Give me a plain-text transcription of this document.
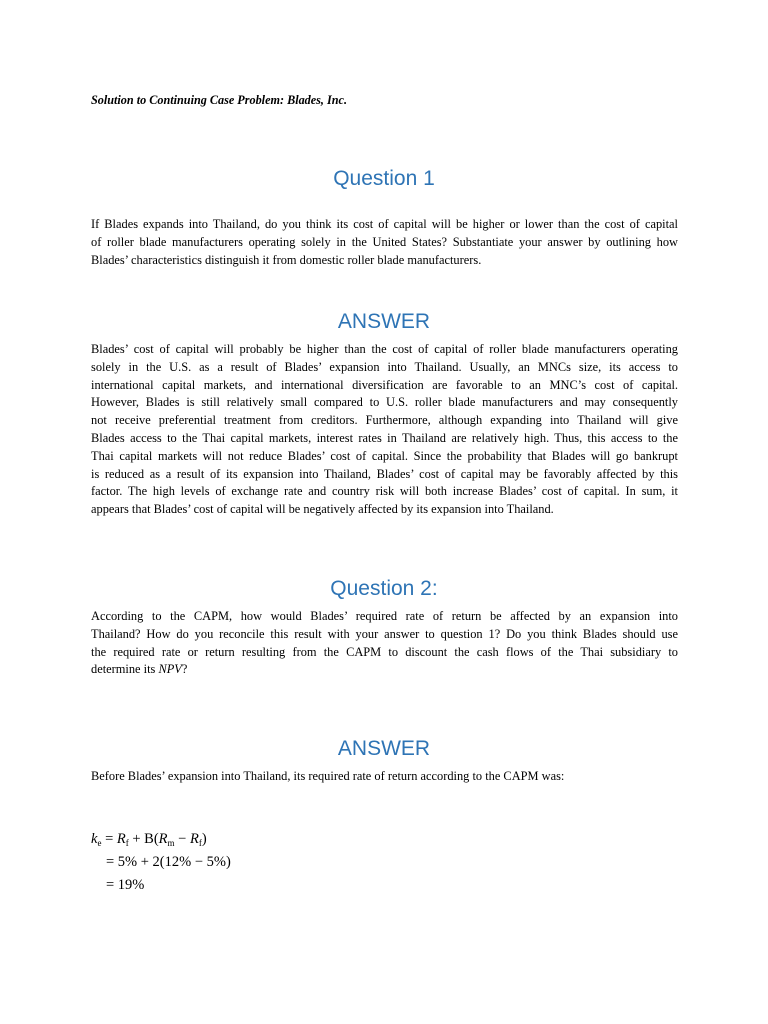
Solution to Continuing Case Problem: Blades, Inc.
Question 1
If Blades expands into Thailand, do you think its cost of capital will be higher or lower than the cost of capital
of roller blade manufacturers operating solely in the United States? Substantiate your answer by outlining how
Blades’ characteristics distinguish it from domestic roller blade manufacturers.
ANSWER
Blades’ cost of capital will probably be higher than the cost of capital of roller blade manufacturers operating
solely in the U.S. as a result of Blades’ expansion into Thailand. Usually, an MNCs size, its access to
international capital markets, and international diversification are favorable to an MNC’s cost of capital.
However, Blades is still relatively small compared to U.S. roller blade manufacturers and may consequently
not receive preferential treatment from creditors. Furthermore, although expanding into Thailand will give
Blades access to the Thai capital markets, interest rates in Thailand are relatively high. Thus, this access to the
Thai capital markets will not reduce Blades’ cost of capital. Since the probability that Blades will go bankrupt
is reduced as a result of its expansion into Thailand, Blades’ cost of capital may be favorably affected by this
factor. The high levels of exchange rate and country risk will both increase Blades’ cost of capital. In sum, it
appears that Blades’ cost of capital will be negatively affected by its expansion into Thailand.
Question 2:
According to the CAPM, how would Blades’ required rate of return be affected by an expansion into
Thailand? How do you reconcile this result with your answer to question 1? Do you think Blades should use
the required rate or return resulting from the CAPM to discount the cash flows of the Thai subsidiary to
determine its NPV?
ANSWER
Before Blades’ expansion into Thailand, its required rate of return according to the CAPM was:
$k_e = R_f + B(R_m - R_f)$
= 5% + 2(12% − 5%)
= 19%
